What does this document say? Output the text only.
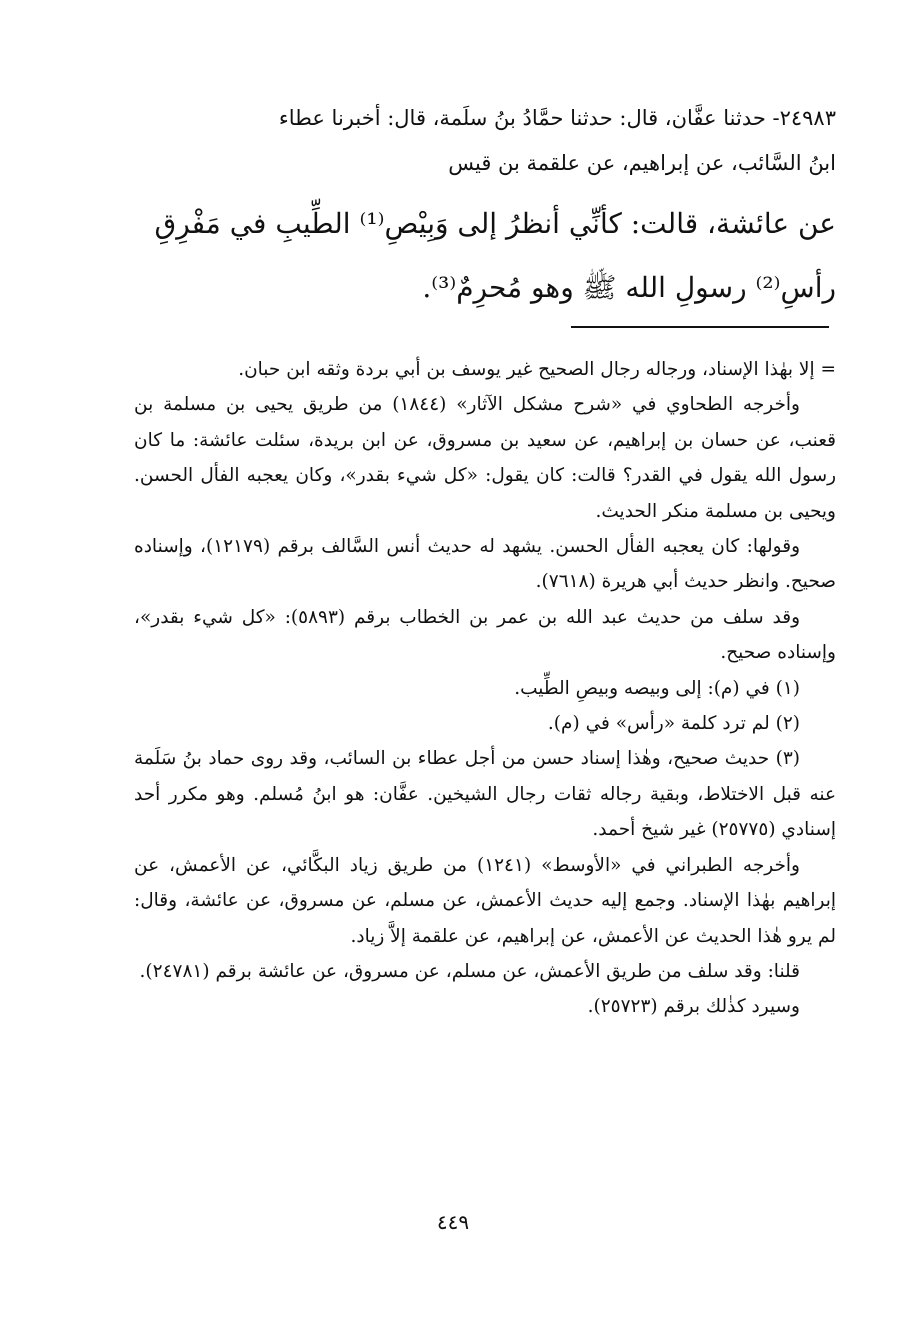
٢٤٩٨٣- حدثنا عفَّان، قال: حدثنا حمَّادُ بنُ سلَمة، قال: أخبرنا عطاء
ابنُ السَّائب، عن إبراهيم، عن علقمة بن قيس

عن عائشة، قالت: كأنِّي أنظرُ إلى وَبِيْصِ⁽¹⁾ الطِّيبِ في مَفْرِقِ
رأسِ⁽²⁾ رسولِ الله ﷺ وهو مُحرِمٌ⁽³⁾.

= إلا بهٰذا الإسناد، ورجاله رجال الصحيح غير يوسف بن أبي بردة وثقه ابن حبان.

وأخرجه الطحاوي في «شرح مشكل الآثار» (١٨٤٤) من طريق يحيى بن مسلمة بن قعنب، عن حسان بن إبراهيم، عن سعيد بن مسروق، عن ابن بريدة، سئلت عائشة: ما كان رسول الله يقول في القدر؟ قالت: كان يقول: «كل شيء بقدر»، وكان يعجبه الفأل الحسن. ويحيى بن مسلمة منكر الحديث.

وقولها: كان يعجبه الفأل الحسن. يشهد له حديث أنس السَّالف برقم (١٢١٧٩)، وإسناده صحيح. وانظر حديث أبي هريرة (٧٦١٨).

وقد سلف من حديث عبد الله بن عمر بن الخطاب برقم (٥٨٩٣): «كل شيء بقدر»، وإسناده صحيح.

(١) في (م): إلى وبيصه وبيصِ الطِّيب.

(٢) لم ترد كلمة «رأس» في (م).

(٣) حديث صحيح، وهٰذا إسناد حسن من أجل عطاء بن السائب، وقد روى حماد بنُ سَلَمة عنه قبل الاختلاط، وبقية رجاله ثقات رجال الشيخين. عفَّان: هو ابنُ مُسلم. وهو مكرر أحد إسنادي (٢٥٧٧٥) غير شيخ أحمد.

وأخرجه الطبراني في «الأوسط» (١٢٤١) من طريق زياد البكَّائي، عن الأعمش، عن إبراهيم بهٰذا الإسناد. وجمع إليه حديث الأعمش، عن مسلم، عن مسروق، عن عائشة، وقال: لم يرو هٰذا الحديث عن الأعمش، عن إبراهيم، عن علقمة إلاَّ زياد.

قلنا: وقد سلف من طريق الأعمش، عن مسلم، عن مسروق، عن عائشة برقم (٢٤٧٨١).

وسيرد كذٰلك برقم (٢٥٧٢٣).

٤٤٩
